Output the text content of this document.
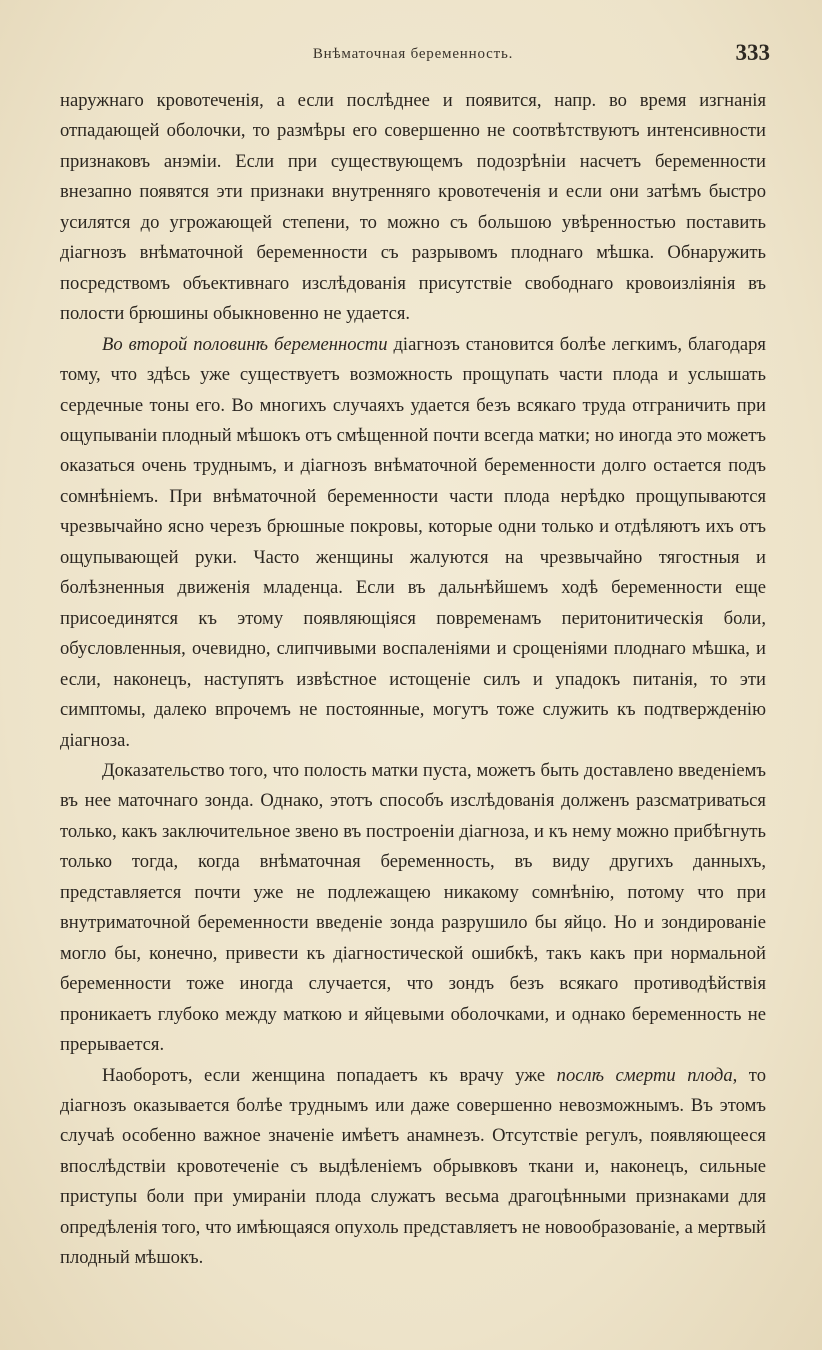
Внѣматочная беременность.	333

наружнаго кровотеченія, а если послѣднее и появится, напр. во время изгнанія отпадающей оболочки, то размѣры его совершенно не соотвѣтствуютъ интенсивности признаковъ анэміи. Если при существующемъ подозрѣніи насчетъ беременности внезапно появятся эти признаки внутренняго кровотеченія и если они затѣмъ быстро усилятся до угрожающей степени, то можно съ большою увѣренностью поставить діагнозъ внѣматочной беременности съ разрывомъ плоднаго мѣшка. Обнаружить посредствомъ объективнаго изслѣдованія присутствіе свободнаго кровоизліянія въ полости брюшины обыкновенно не удается.

Во второй половинѣ беременности діагнозъ становится болѣе легкимъ, благодаря тому, что здѣсь уже существуетъ возможность прощупать части плода и услышать сердечные тоны его. Во многихъ случаяхъ удается безъ всякаго труда отграничить при ощупываніи плодный мѣшокъ отъ смѣщенной почти всегда матки; но иногда это можетъ оказаться очень труднымъ, и діагнозъ внѣматочной беременности долго остается подъ сомнѣніемъ. При внѣматочной беременности части плода нерѣдко прощупываются чрезвычайно ясно черезъ брюшные покровы, которые одни только и отдѣляютъ ихъ отъ ощупывающей руки. Часто женщины жалуются на чрезвычайно тягостныя и болѣзненныя движенія младенца. Если въ дальнѣйшемъ ходѣ беременности еще присоединятся къ этому появляющіяся повременамъ перитонитическія боли, обусловленныя, очевидно, слипчивыми воспаленіями и срощеніями плоднаго мѣшка, и если, наконецъ, наступятъ извѣстное истощеніе силъ и упадокъ питанія, то эти симптомы, далеко впрочемъ не постоянные, могутъ тоже служить къ подтвержденію діагноза.

Доказательство того, что полость матки пуста, можетъ быть доставлено введеніемъ въ нее маточнаго зонда. Однако, этотъ способъ изслѣдованія долженъ разсматриваться только, какъ заключительное звено въ построеніи діагноза, и къ нему можно прибѣгнуть только тогда, когда внѣматочная беременность, въ виду другихъ данныхъ, представляется почти уже не подлежащею никакому сомнѣнію, потому что при внутриматочной беременности введеніе зонда разрушило бы яйцо. Но и зондированіе могло бы, конечно, привести къ діагностической ошибкѣ, такъ какъ при нормальной беременности тоже иногда случается, что зондъ безъ всякаго противодѣйствія проникаетъ глубоко между маткою и яйцевыми оболочками, и однако беременность не прерывается.

Наоборотъ, если женщина попадаетъ къ врачу уже послѣ смерти плода, то діагнозъ оказывается болѣе труднымъ или даже совершенно невозможнымъ. Въ этомъ случаѣ особенно важное значеніе имѣетъ анамнезъ. Отсутствіе регулъ, появляющееся впослѣдствіи кровотеченіе съ выдѣленіемъ обрывковъ ткани и, наконецъ, сильные приступы боли при умираніи плода служатъ весьма драгоцѣнными признаками для опредѣленія того, что имѣющаяся опухоль представляетъ не новообразованіе, а мертвый плодный мѣшокъ.
